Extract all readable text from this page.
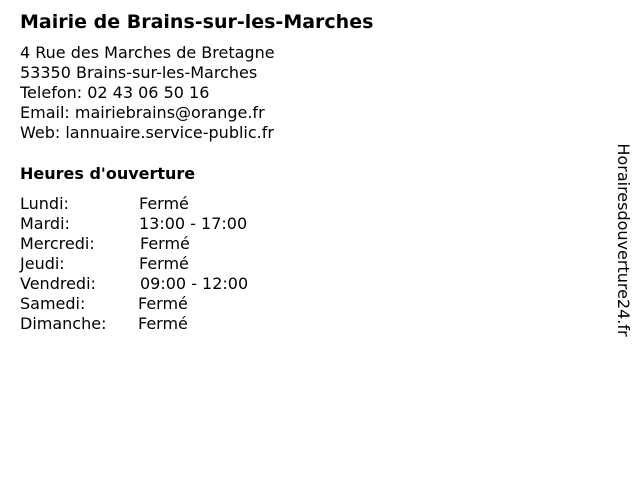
Mairie de Brains-sur-les-Marches
4 Rue des Marches de Bretagne
53350 Brains-sur-les-Marches
Telefon: 02 43 06 50 16
Email: mairiebrains@orange.fr
Web: lannuaire.service-public.fr
Heures d'ouverture
Lundi:	Fermé
Mardi:	13:00 - 17:00
Mercredi:	Fermé
Jeudi:	Fermé
Vendredi:	09:00 - 12:00
Samedi:	Fermé
Dimanche: Fermé	Horairesdouverture24.fr
